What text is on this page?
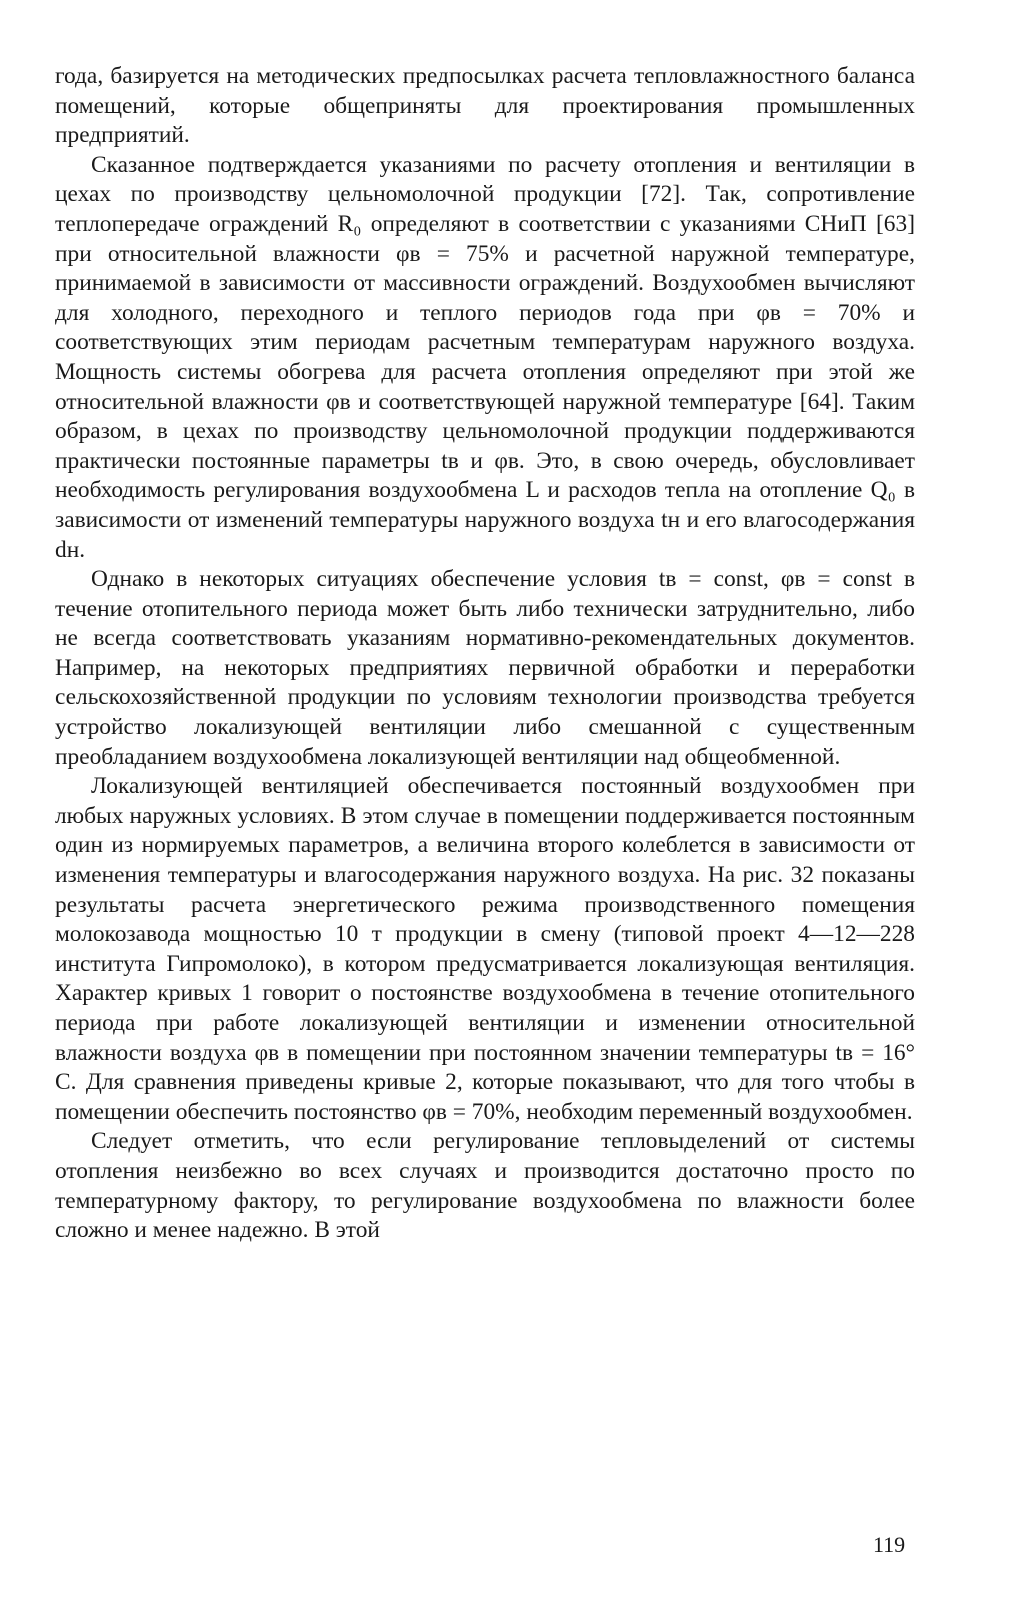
года, базируется на методических предпосылках расчета тепловлажностного баланса помещений, которые общеприняты для проектирования промышленных предприятий.

Сказанное подтверждается указаниями по расчету отопления и вентиляции в цехах по производству цельномолочной продукции [72]. Так, сопротивление теплопередаче ограждений R₀ определяют в соответствии с указаниями СНиП [63] при относительной влажности φв = 75% и расчетной наружной температуре, принимаемой в зависимости от массивности ограждений. Воздухообмен вычисляют для холодного, переходного и теплого периодов года при φв = 70% и соответствующих этим периодам расчетным температурам наружного воздуха. Мощность системы обогрева для расчета отопления определяют при этой же относительной влажности φв и соответствующей наружной температуре [64]. Таким образом, в цехах по производству цельномолочной продукции поддерживаются практически постоянные параметры tв и φв. Это, в свою очередь, обусловливает необходимость регулирования воздухообмена L и расходов тепла на отопление Q₀ в зависимости от изменений температуры наружного воздуха tн и его влагосодержания dн.

Однако в некоторых ситуациях обеспечение условия tв = const, φв = const в течение отопительного периода может быть либо технически затруднительно, либо не всегда соответствовать указаниям нормативно-рекомендательных документов. Например, на некоторых предприятиях первичной обработки и переработки сельскохозяйственной продукции по условиям технологии производства требуется устройство локализующей вентиляции либо смешанной с существенным преобладанием воздухообмена локализующей вентиляции над общеобменной.

Локализующей вентиляцией обеспечивается постоянный воздухообмен при любых наружных условиях. В этом случае в помещении поддерживается постоянным один из нормируемых параметров, а величина второго колеблется в зависимости от изменения температуры и влагосодержания наружного воздуха. На рис. 32 показаны результаты расчета энергетического режима производственного помещения молокозавода мощностью 10 т продукции в смену (типовой проект 4—12—228 института Гипромолоко), в котором предусматривается локализующая вентиляция. Характер кривых 1 говорит о постоянстве воздухообмена в течение отопительного периода при работе локализующей вентиляции и изменении относительной влажности воздуха φв в помещении при постоянном значении температуры tв = 16° C. Для сравнения приведены кривые 2, которые показывают, что для того чтобы в помещении обеспечить постоянство φв = 70%, необходим переменный воздухообмен.

Следует отметить, что если регулирование тепловыделений от системы отопления неизбежно во всех случаях и производится достаточно просто по температурному фактору, то регулирование воздухообмена по влажности более сложно и менее надежно. В этой

119
